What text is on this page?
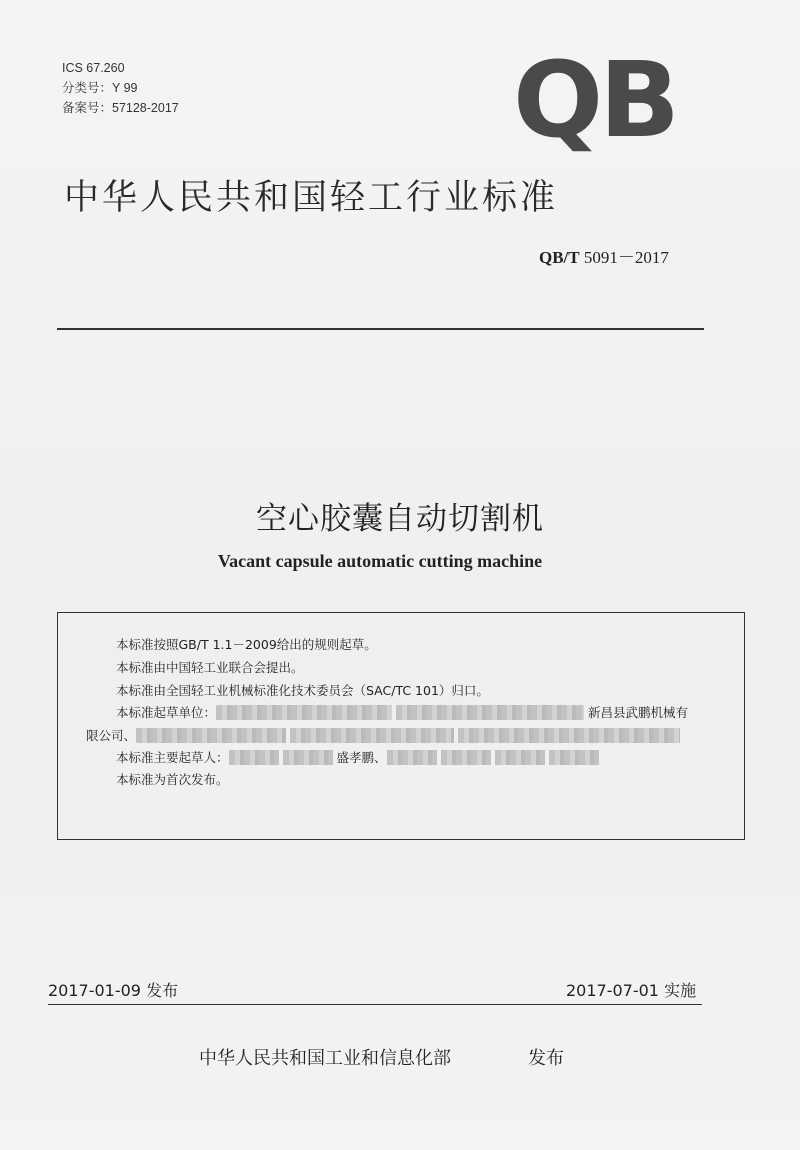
ICS 67.260
分类号：Y 99
备案号：57128-2017	QB
中华人民共和国轻工行业标准
QB/T 5091－2017
空心胶囊自动切割机
Vacant capsule automatic cutting machine
本标准按照GB/T 1.1－2009给出的规则起草。
本标准由中国轻工业联合会提出。
本标准由全国轻工业机械标准化技术委员会（SAC/TC 101）归口。
本标准起草单位：	新昌县武鹏机械有
限公司、
本标准主要起草人：	盛孝鹏、
本标准为首次发布。
2017-01-09 发布	2017-07-01 实施
中华人民共和国工业和信息化部	发布
